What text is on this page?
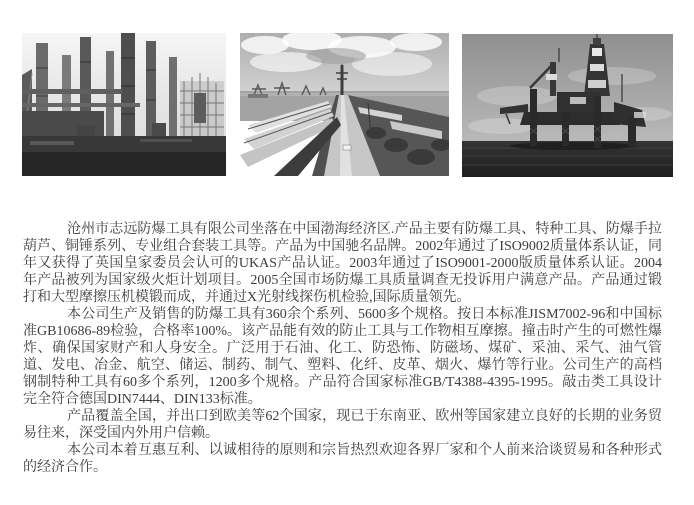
沧州市志远防爆工具有限公司坐落在中国渤海经济区.产品主要有防爆工具、特种工具、防爆手拉葫芦、铜锤系列、专业组合套装工具等。产品为中国驰名品牌。2002年通过了ISO9002质量体系认证，同年又获得了英国皇家委员会认可的UKAS产品认证。2003年通过了ISO9001-2000版质量体系认证。2004年产品被列为国家级火炬计划项目。2005全国市场防爆工具质量调查无投诉用户满意产品。产品通过锻打和大型摩擦压机模锻而成，并通过X光射线探伤机检验,国际质量领先。

本公司生产及销售的防爆工具有360余个系列、5600多个规格。按日本标准JISM7002-96和中国标准GB10686-89检验，合格率100%。该产品能有效的防止工具与工作物相互摩擦。撞击时产生的可燃性爆炸、确保国家财产和人身安全。广泛用于石油、化工、防恐怖、防磁场、煤矿、采油、采气、油气管道、发电、冶金、航空、储运、制药、制气、塑料、化纤、皮革、烟火、爆竹等行业。公司生产的高档钢制特种工具有60多个系列，1200多个规格。产品符合国家标准GB/T4388-4395-1995。敲击类工具设计完全符合德国DIN7444、DIN133标准。

产品覆盖全国，并出口到欧美等62个国家，现已于东南亚、欧州等国家建立良好的长期的业务贸易往来，深受国内外用户信赖。

本公司本着互惠互利、以诚相待的原则和宗旨热烈欢迎各界厂家和个人前来洽谈贸易和各种形式的经济合作。
